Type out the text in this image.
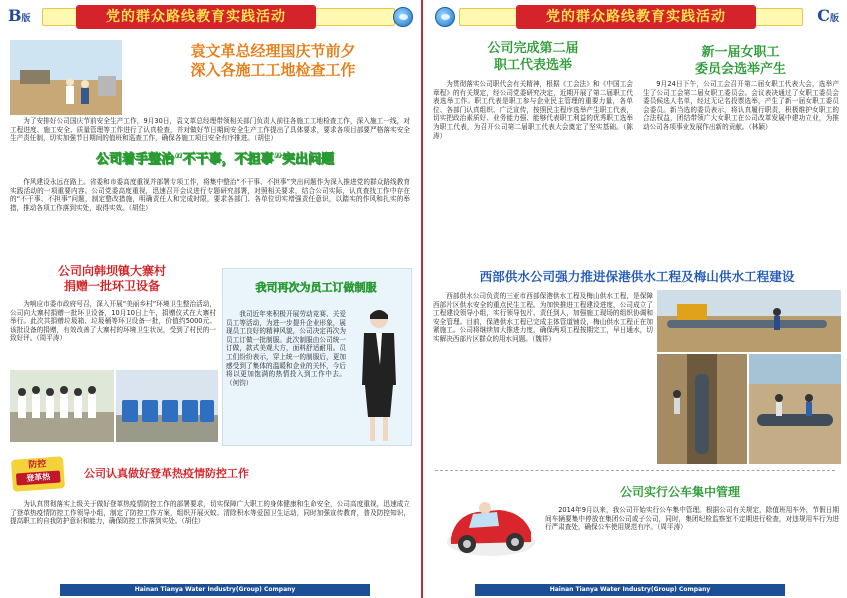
B版	党的群众路线教育实践活动
袁文革总经理国庆节前夕
深入各施工工地检查工作
为了安排好公司国庆节前安全生产工作，9月30日，袁文革总经理带领相关部门负责人前往各施工工地检查工作，深入施工一线，对工程进度、施工安全、质量管理等工作进行了认真检查，并对做好节日期间安全生产工作提出了具体要求，要求各项目部要严格落实安全生产责任制，切实加强节日期间的值班和巡查工作，确保各施工项目安全有序推进。（胡佳）
公司着手整治“不干事，不担事”突出问题
作风建设永远在路上。省委和市委高度重视并部署专项工作，将集中整治“不干事、不担事”突出问题作为深入推进党的群众路线教育实践活动的一项重要内容。公司党委高度重视，迅速召开会议进行专题研究部署，对照相关要求，结合公司实际，认真查找工作中存在的“不干事、不担事”问题，制定整改措施，明确责任人和完成时限，要求各部门、各单位切实增强责任意识，以踏实的作风和扎实的举措，推动各项工作落到实处，取得实效。（胡佳）
公司向韩坝镇大寨村
捐赠一批环卫设备
为响应市委市政府号召，深入开展“美丽乡村”环境卫生整治活动，公司向大寨村捐赠一批环卫设备，10月10日上午，捐赠仪式在大寨村举行。此次共捐赠垃圾箱、垃圾桶等环卫设备一批，价值约5000元。该批设备的捐赠，有效改善了大寨村的环境卫生状况，受到了村民的一致好评。（周平涛）
我司再次为员工订做制服
我司近年来积极开展劳动竞赛、关爱员工等活动，为进一步提升企业形象，展现员工良好的精神风貌，公司决定再次为员工订做一批制服。此次制服由公司统一订做，款式美观大方，面料舒适耐用。员工们纷纷表示，穿上统一的制服后，更加感受到了集体的温暖和企业的关怀，今后将以更加饱满的热情投入到工作中去。（何钧）
防控
登革热	公司认真做好登革热疫情防控工作
为认真贯彻落实上级关于做好登革热疫情防控工作的部署要求，切实保障广大职工的身体健康和生命安全，公司高度重视，迅速成立了登革热疫情防控工作领导小组，制定了防控工作方案，组织开展灭蚊、清除积水等爱国卫生运动，同时加强宣传教育，普及防控知识，提高职工的自我防护意识和能力，确保防控工作落到实处。（胡佳）
Hainan Tianya Water Industry(Group) Company
党的群众路线教育实践活动	C版
公司完成第二届
职工代表选举
为贯彻落实公司职代会有关精神，根据《工会法》和《中国工会章程》的有关规定，经公司党委研究决定，近期开展了第二届职工代表选举工作。职工代表是职工参与企业民主管理的重要力量，各单位、各部门认真组织、广泛宣传，按照民主程序选举产生职工代表，切实把政治素质好、业务能力强、能够代表职工利益的优秀职工选举为职工代表，为召开公司第二届职工代表大会奠定了坚实基础。（陈涛）
新一届女职工
委员会选举产生
9月24日下午，公司工会召开第二届女职工代表大会，选举产生了公司工会第二届女职工委员会。会议表决通过了女职工委员会委员候选人名单，经过无记名投票选举，产生了新一届女职工委员会委员。新当选的委员表示，将认真履行职责，积极维护女职工的合法权益，团结带领广大女职工在公司改革发展中建功立业，为推动公司各项事业发展作出新的贡献。（林颖）
西部供水公司强力推进保港供水工程及梅山供水工程建设
西部供水公司负责的三亚市西部保港供水工程及梅山供水工程，是保障西部片区供水安全的重点民生工程。为加快推进工程建设进度，公司成立了工程建设领导小组，实行领导包片、责任到人，加强施工现场的组织协调和安全管理。目前，保港供水工程已完成主体管道铺设，梅山供水工程正在加紧施工。公司将继续加大推进力度，确保两项工程按期完工，早日通水，切实解决西部片区群众的用水问题。（魏祥）
公司实行公车集中管理
2014年9月以来，我公司开始实行公车集中管理。根据公司有关规定，除值班用车外，节假日期间车辆要集中停放在集团公司或子公司，同时，集团纪检监察室不定期进行检查，对违规用车行为进行严肃查处，确保公车使用规范有序。（周平涛）
Hainan Tianya Water Industry(Group) Company
